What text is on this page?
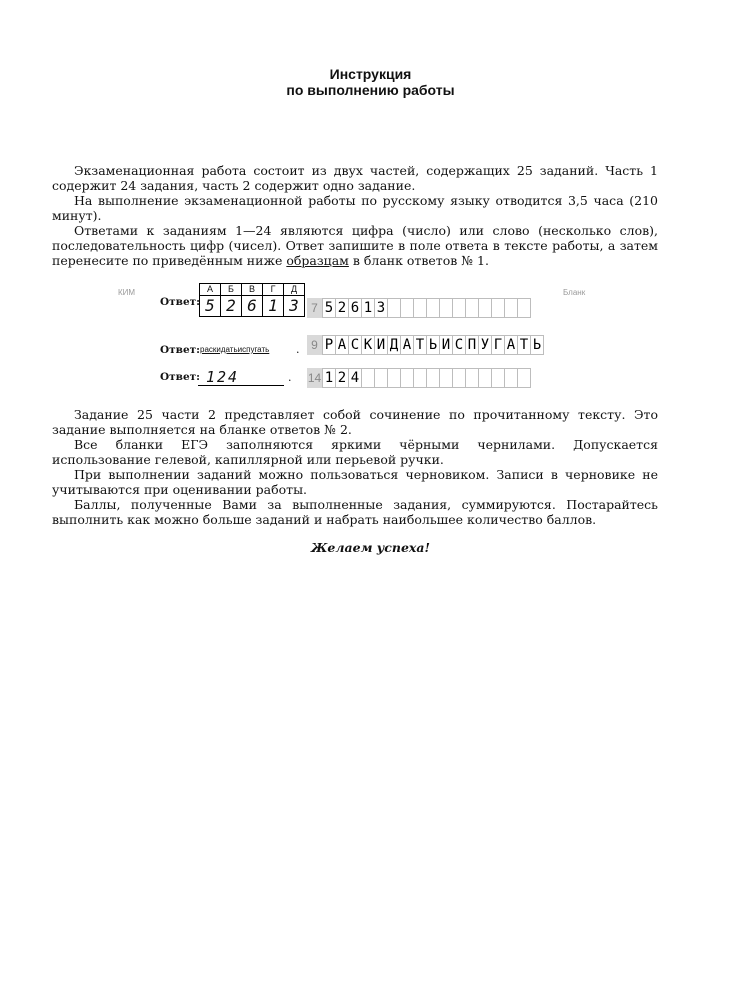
Инструкция
по выполнению работы

Экзаменационная работа состоит из двух частей, содержащих 25 заданий. Часть 1 содержит 24 задания, часть 2 содержит одно задание.

На выполнение экзаменационной работы по русскому языку отводится 3,5 часа (210 минут).

Ответами к заданиям 1—24 являются цифра (число) или слово (несколько слов), последовательность цифр (чисел). Ответ запишите в поле ответа в тексте работы, а затем перенесите по приведённым ниже образцам в бланк ответов № 1.

КИМ	Бланк
Ответ:
А	Б	В	Г	Д
5	2	6	1	3
Ответ: раскидатьиспугать .
Ответ: 124	.
7 5 2 6 1 3
9 Р А С К И Д А Т Ь И С П У Г А Т Ь
14 1 2 4

Задание 25 части 2 представляет собой сочинение по прочитанному тексту. Это задание выполняется на бланке ответов № 2.

Все бланки ЕГЭ заполняются яркими чёрными чернилами. Допускается использование гелевой, капиллярной или перьевой ручки.

При выполнении заданий можно пользоваться черновиком. Записи в черновике не учитываются при оценивании работы.

Баллы, полученные Вами за выполненные задания, суммируются. Постарайтесь выполнить как можно больше заданий и набрать наибольшее количество баллов.

Желаем успеха!
